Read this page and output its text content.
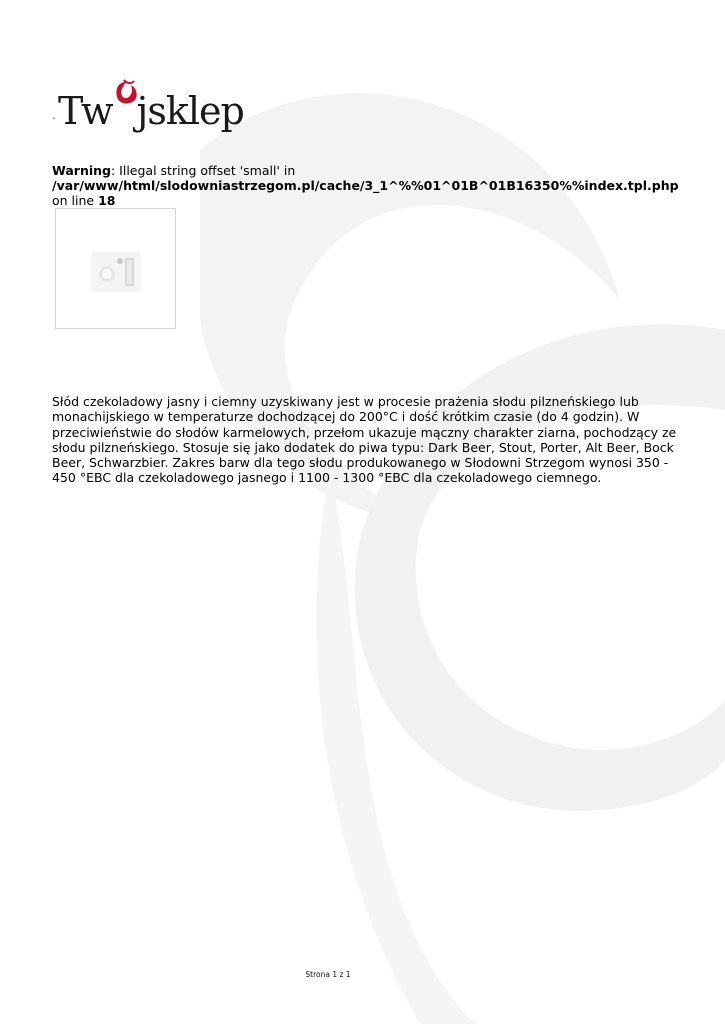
- Tw jsklep
Warning: Illegal string offset 'small' in
/var/www/html/slodowniastrzegom.pl/cache/3_1^%%01^01B^01B16350%%index.tpl.php
on line 18
Słód czekoladowy jasny i ciemny uzyskiwany jest w procesie prażenia słodu pilzneńskiego lub monachijskiego w temperaturze dochodzącej do 200°C i dość krótkim czasie (do 4 godzin). W przeciwieństwie do słodów karmelowych, przełom ukazuje mączny charakter ziarna, pochodzący ze słodu pilzneńskiego. Stosuje się jako dodatek do piwa typu: Dark Beer, Stout, Porter, Alt Beer, Bock Beer, Schwarzbier. Zakres barw dla tego słodu produkowanego w Słodowni Strzegom wynosi 350 - 450 °EBC dla czekoladowego jasnego i 1100 - 1300 °EBC dla czekoladowego ciemnego.
Strona 1 z 1
